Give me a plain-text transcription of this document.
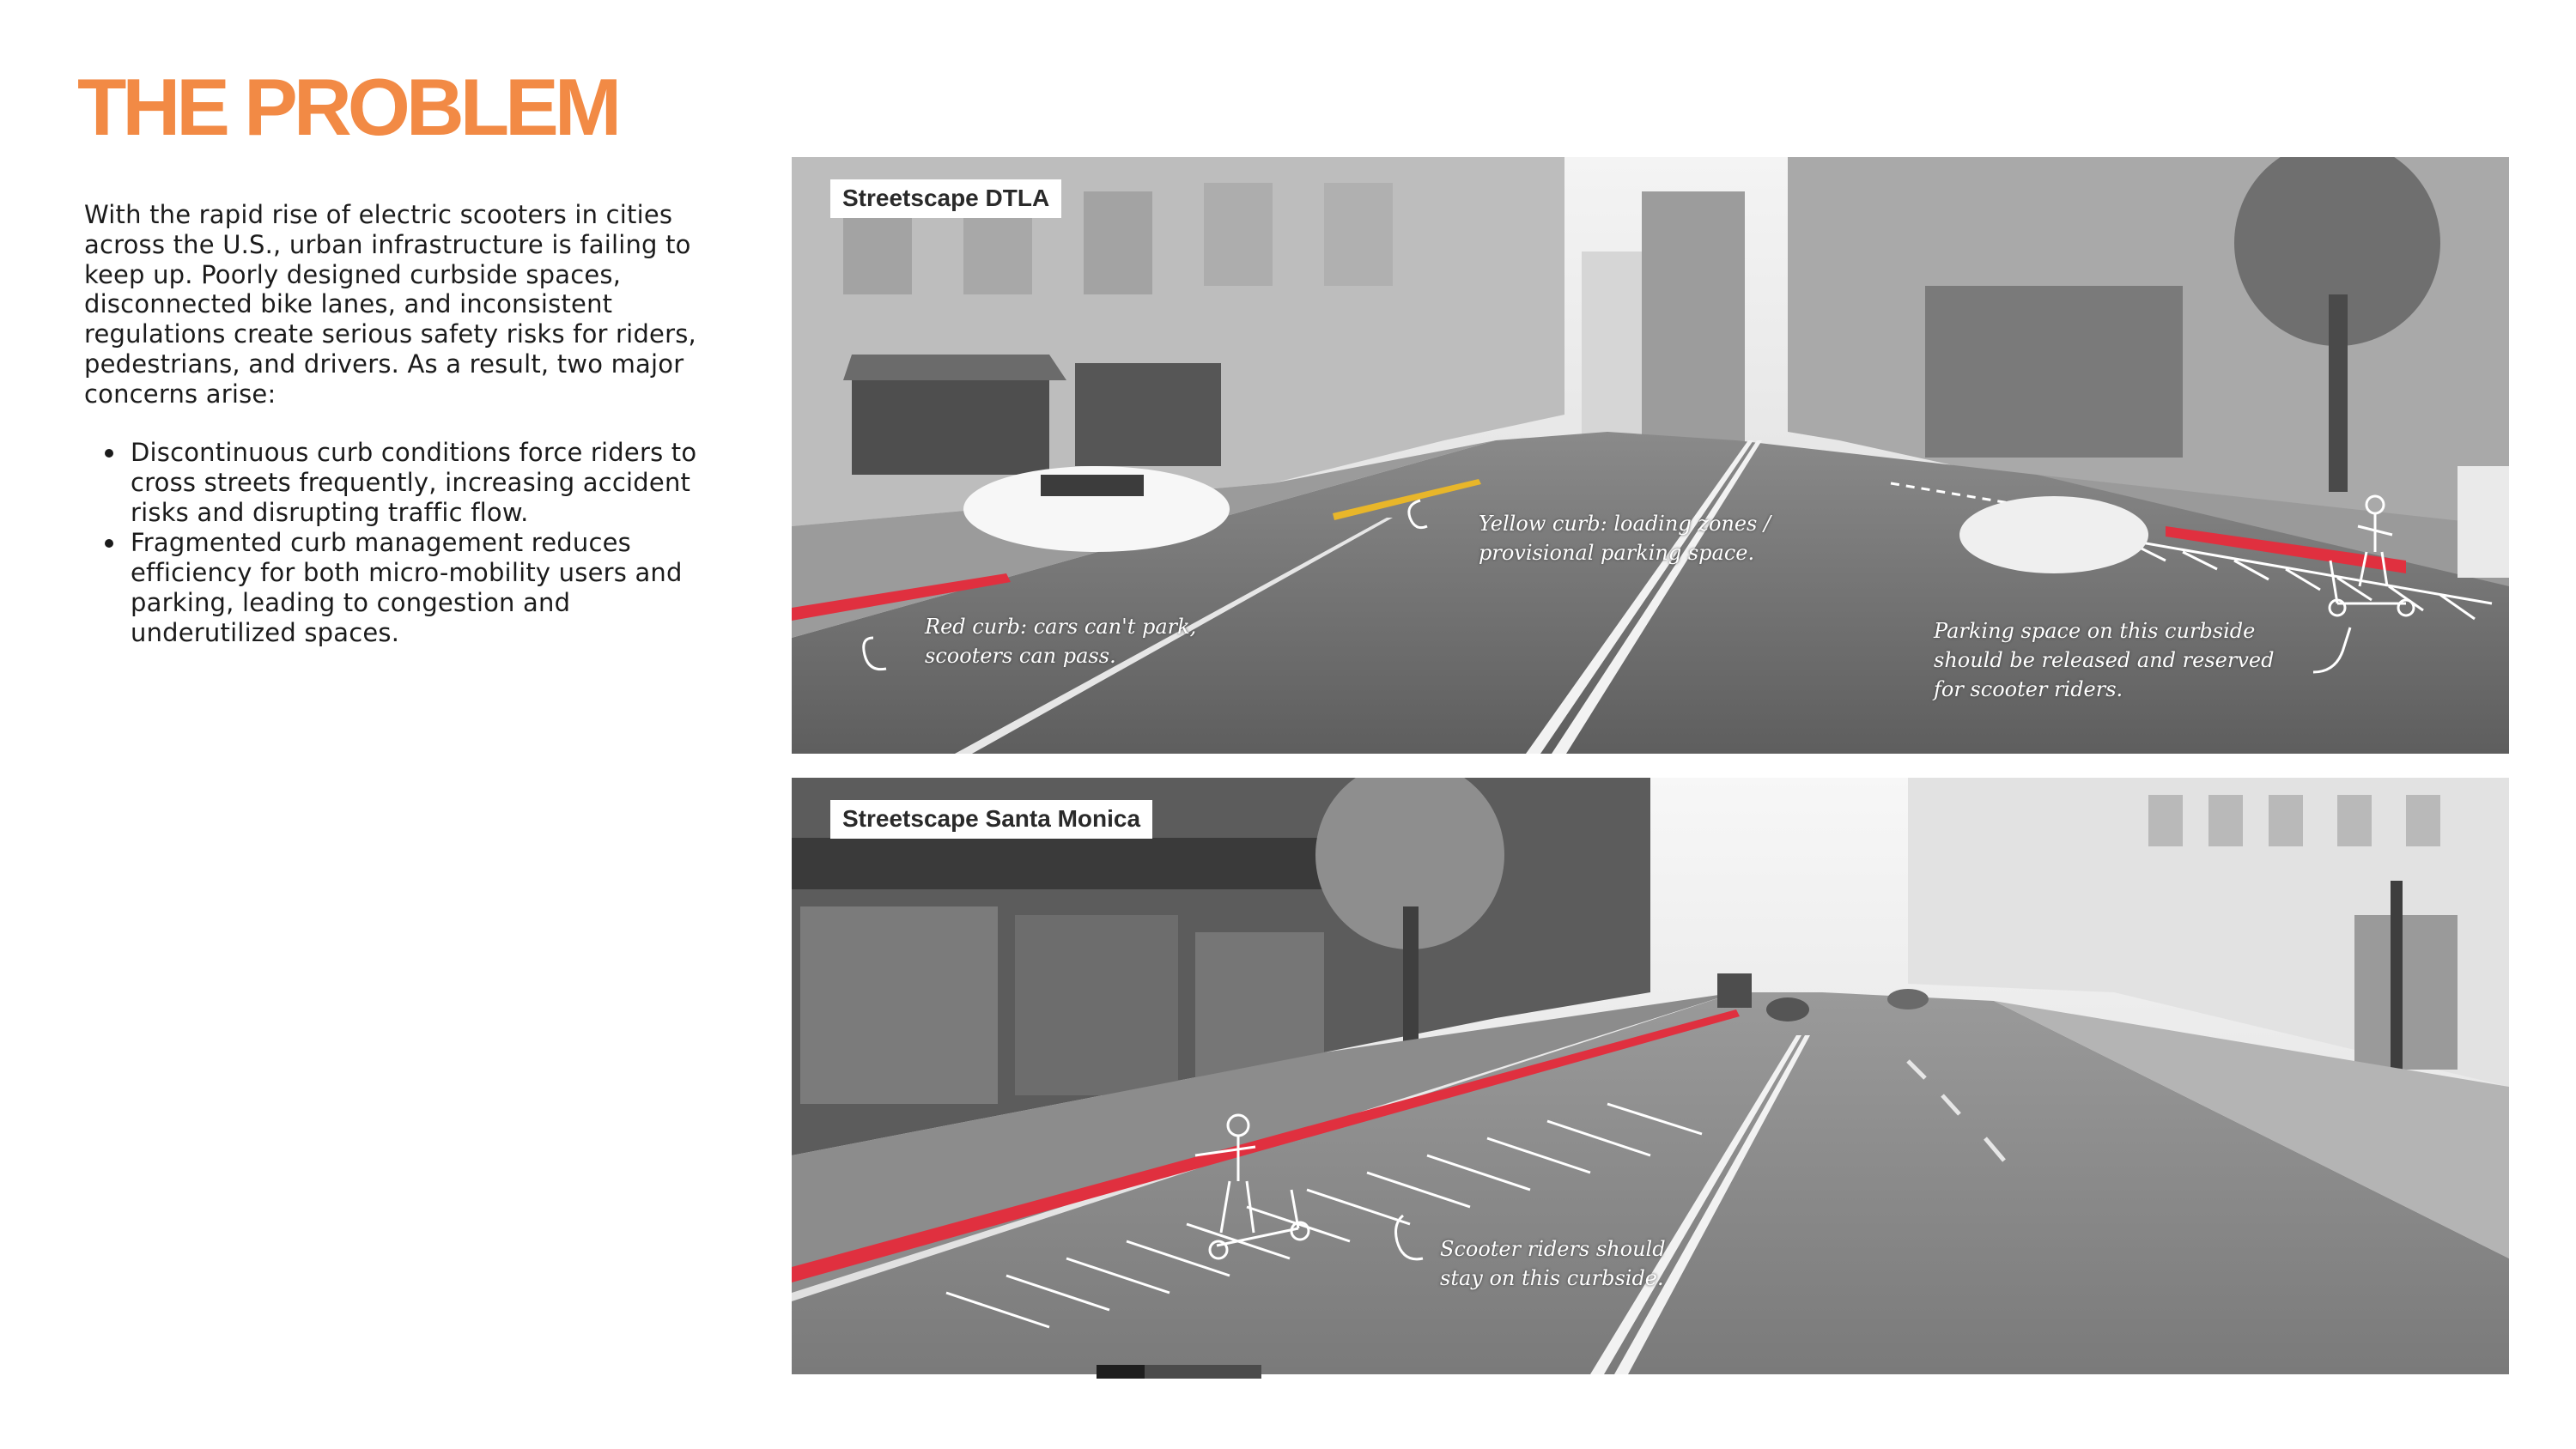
THE PROBLEM

With the rapid rise of electric scooters in cities across the U.S., urban infrastructure is failing to keep up. Poorly designed curbside spaces, disconnected bike lanes, and inconsistent regulations create serious safety risks for riders, pedestrians, and drivers. As a result, two major concerns arise:

Discontinuous curb conditions force riders to cross streets frequently, increasing accident risks and disrupting traffic flow.
Fragmented curb management reduces efficiency for both micro-mobility users and parking, leading to congestion and underutilized spaces.
Streetscape DTLA

Red curb: cars can't park, scooters can pass.

Yellow curb: loading zones / provisional parking space.

Parking space on this curbside should be released and reserved for scooter riders.

Streetscape Santa Monica

Scooter riders should stay on this curbside.
